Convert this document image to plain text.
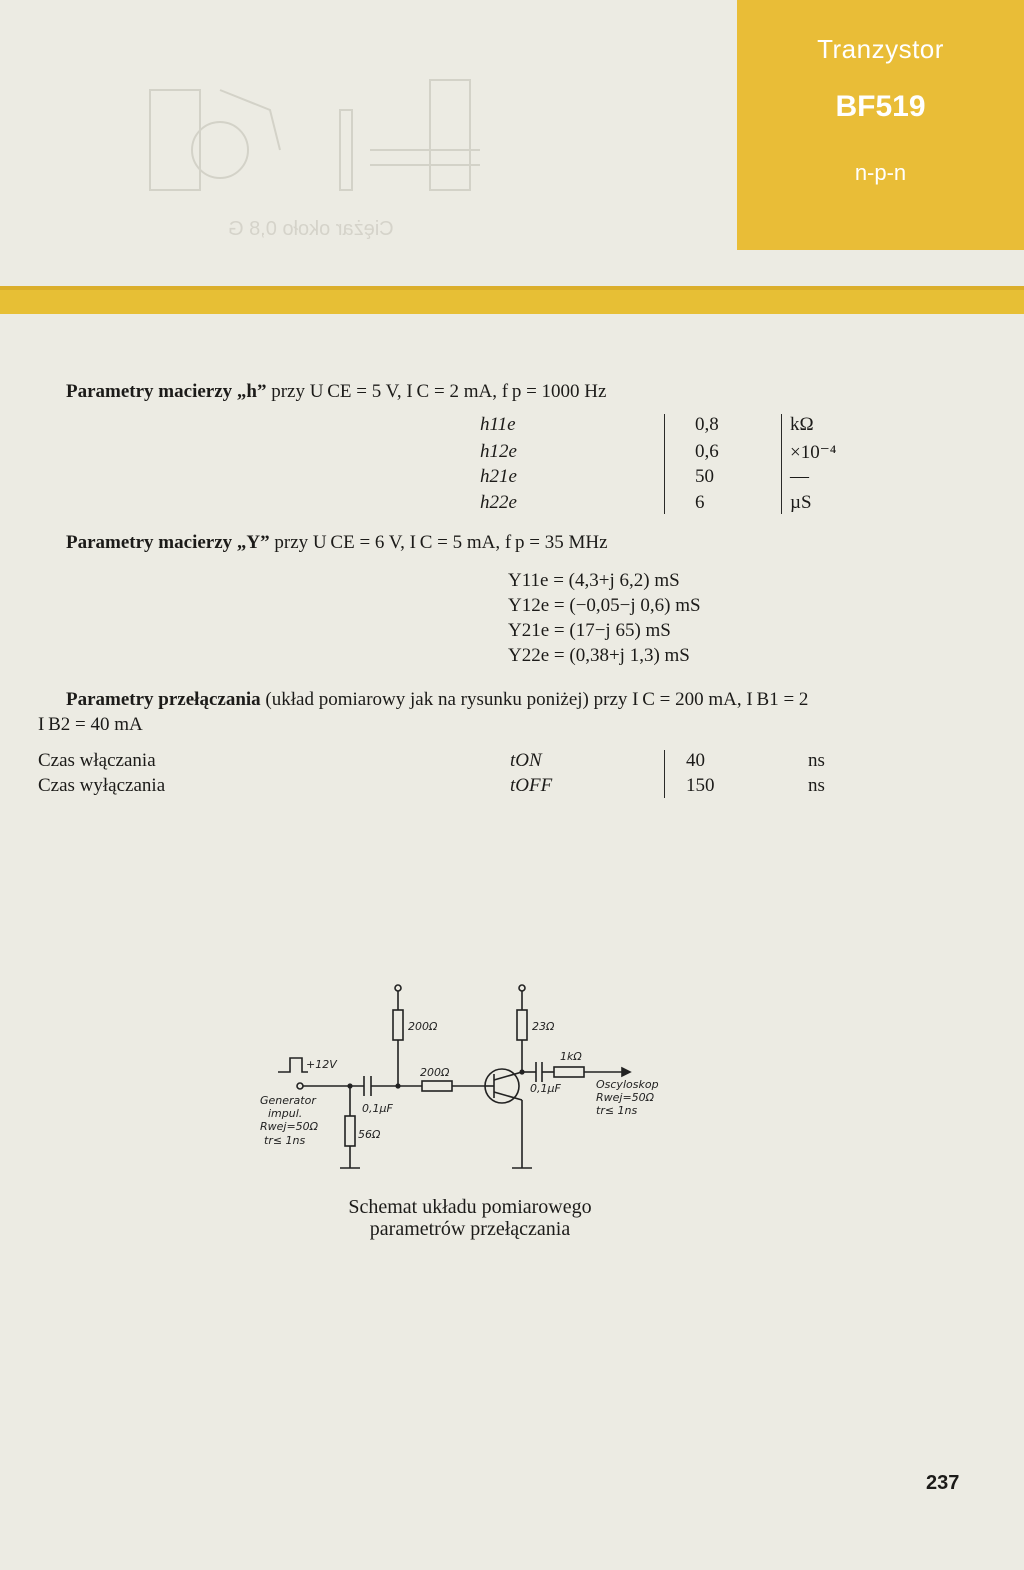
Ciężar około 0,8 G
Tranzystor
BF519
n-p-n
Parametry macierzy „h” przy U CE = 5 V, I C = 2 mA, f p = 1000 Hz
h11e	0,8	kΩ
h12e	0,6	×10⁻⁴
h21e	50	—
h22e	6	µS
Parametry macierzy „Y” przy U CE = 6 V, I C = 5 mA, f p = 35 MHz
Y11e = (4,3+j 6,2) mS
Y12e = (−0,05−j 0,6) mS
Y21e = (17−j 65) mS
Y22e = (0,38+j 1,3) mS
Parametry przełączania (układ pomiarowy jak na rysunku poniżej) przy I C = 200 mA, I B1 = 2
I B2 = 40 mA
Czas włączania	tON	40	ns
Czas wyłączania	tOFF	150	ns
200Ω	23Ω
200Ω
56Ω
1kΩ
0,1µF
0,1µF
+12V
Generator
impul.
Rwej=50Ω
tr≤ 1ns
Oscyloskop
Rwej=50Ω
tr≤ 1ns
Schemat układu pomiarowego parametrów przełączania
237
